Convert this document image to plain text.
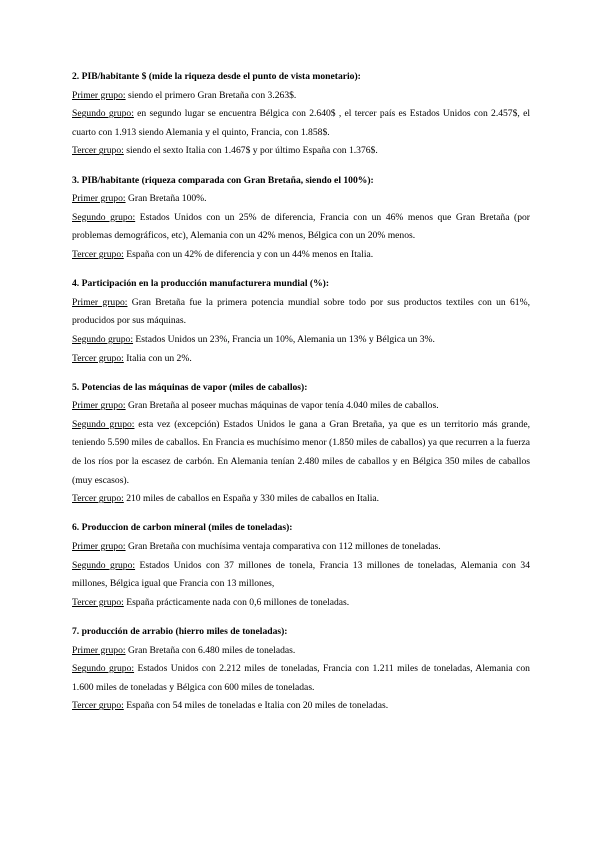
2. PIB/habitante $ (mide la riqueza desde el punto de vista monetario):
Primer grupo: siendo el primero Gran Bretaña con 3.263$.
Segundo grupo: en segundo lugar se encuentra Bélgica con 2.640$ , el tercer país es Estados Unidos con 2.457$, el cuarto con 1.913 siendo Alemania y el quinto, Francia, con 1.858$.
Tercer grupo: siendo el sexto Italia con 1.467$ y por último España con 1.376$.
3. PIB/habitante (riqueza comparada con Gran Bretaña, siendo el 100%):
Primer grupo: Gran Bretaña 100%.
Segundo grupo: Estados Unidos con un 25% de diferencia, Francia con un 46% menos que Gran Bretaña (por problemas demográficos, etc), Alemania con un 42% menos, Bélgica con un 20% menos.
Tercer grupo: España con un 42% de diferencia y con un 44% menos en Italia.
4. Participación en la producción manufacturera mundial (%):
Primer grupo: Gran Bretaña fue la primera potencia mundial sobre todo por sus productos textiles con un 61%, producidos por sus máquinas.
Segundo grupo: Estados Unidos un 23%, Francia un 10%, Alemania un 13% y Bélgica un 3%.
Tercer grupo: Italia con un 2%.
5. Potencias de las máquinas de vapor (miles de caballos):
Primer grupo: Gran Bretaña al poseer muchas máquinas de vapor tenía 4.040 miles de caballos.
Segundo grupo: esta vez (excepción) Estados Unidos le gana a Gran Bretaña, ya que es un territorio más grande, teniendo 5.590 miles de caballos. En Francia es muchísimo menor (1.850 miles de caballos) ya que recurren a la fuerza de los ríos por la escasez de carbón. En Alemania tenían 2.480 miles de caballos y en Bélgica 350 miles de caballos (muy escasos).
Tercer grupo: 210 miles de caballos en España y 330 miles de caballos en Italia.
6. Produccion de carbon mineral (miles de toneladas):
Primer grupo: Gran Bretaña con muchísima ventaja comparativa con 112 millones de toneladas.
Segundo grupo: Estados Unidos con 37 millones de tonela, Francia 13 millones de toneladas, Alemania con 34 millones, Bélgica igual que Francia con 13 millones,
Tercer grupo: España prácticamente nada con 0,6 millones de toneladas.
7. producción de arrabio (hierro miles de toneladas):
Primer grupo: Gran Bretaña con 6.480 miles de toneladas.
Segundo grupo: Estados Unidos con 2.212 miles de toneladas, Francia con 1.211 miles de toneladas, Alemania con 1.600 miles de toneladas y Bélgica con 600 miles de toneladas.
Tercer grupo: España con 54 miles de toneladas e Italia con 20 miles de toneladas.
